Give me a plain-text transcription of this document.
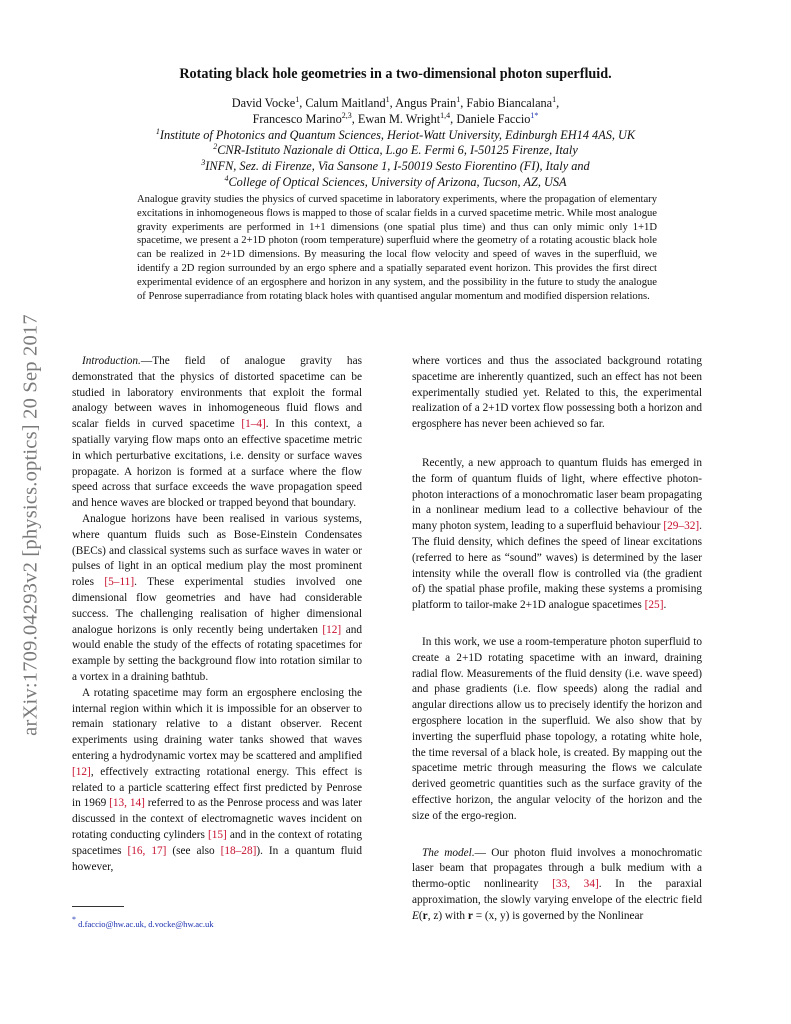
arXiv:1709.04293v2 [physics.optics] 20 Sep 2017
Rotating black hole geometries in a two-dimensional photon superfluid.
David Vocke$^1$, Calum Maitland$^1$, Angus Prain$^1$, Fabio Biancalana$^1$,
Francesco Marino$^{2,3}$, Ewan M. Wright$^{1,4}$, Daniele Faccio$^{1*}$
$^1$Institute of Photonics and Quantum Sciences, Heriot-Watt University, Edinburgh EH14 4AS, UK
$^2$CNR-Istituto Nazionale di Ottica, L.go E. Fermi 6, I-50125 Firenze, Italy
$^3$INFN, Sez. di Firenze, Via Sansone 1, I-50019 Sesto Fiorentino (FI), Italy and
$^4$College of Optical Sciences, University of Arizona, Tucson, AZ, USA
Analogue gravity studies the physics of curved spacetime in laboratory experiments, where the propagation of elementary excitations in inhomogeneous flows is mapped to those of scalar fields in a curved spacetime metric. While most analogue gravity experiments are performed in 1+1 dimensions (one spatial plus time) and thus can only mimic only 1+1D spacetime, we present a 2+1D photon (room temperature) superfluid where the geometry of a rotating acoustic black hole can be realized in 2+1D dimensions. By measuring the local flow velocity and speed of waves in the superfluid, we identify a 2D region surrounded by an ergo sphere and a spatially separated event horizon. This provides the first direct experimental evidence of an ergosphere and horizon in any system, and the possibility in the future to study the analogue of Penrose superradiance from rotating black holes with quantised angular momentum and modified dispersion relations.

Introduction.—The field of analogue gravity has demonstrated that the physics of distorted spacetime can be studied in laboratory environments that exploit the formal analogy between waves in inhomogeneous fluid flows and scalar fields in curved spacetime [1–4]. In this context, a spatially varying flow maps onto an effective spacetime metric in which perturbative excitations, i.e. density or surface waves propagate. A horizon is formed at a surface where the flow speed across that surface exceeds the wave propagation speed and hence waves are blocked or trapped beyond that boundary.

Analogue horizons have been realised in various systems, where quantum fluids such as Bose-Einstein Condensates (BECs) and classical systems such as surface waves in water or pulses of light in an optical medium play the most prominent roles [5–11]. These experimental studies involved one dimensional flow geometries and have had considerable success. The challenging realisation of higher dimensional analogue horizons is only recently being undertaken [12] and would enable the study of the effects of rotating spacetimes for example by setting the background flow into rotation similar to a vortex in a draining bathtub.

A rotating spacetime may form an ergosphere enclosing the internal region within which it is impossible for an observer to remain stationary relative to a distant observer. Recent experiments using draining water tanks showed that waves entering a hydrodynamic vortex may be scattered and amplified [12], effectively extracting rotational energy. This effect is related to a particle scattering effect first predicted by Penrose in 1969 [13, 14] referred to as the Penrose process and was later discussed in the context of electromagnetic waves incident on rotating conducting cylinders [15] and in the context of rotating spacetimes [16, 17] (see also [18–28]). In a quantum fluid however,

where vortices and thus the associated background rotating spacetime are inherently quantized, such an effect has not been experimentally studied yet. Related to this, the experimental realization of a 2+1D vortex flow possessing both a horizon and ergosphere has never been achieved so far.

Recently, a new approach to quantum fluids has emerged in the form of quantum fluids of light, where effective photon-photon interactions of a monochromatic laser beam propagating in a nonlinear medium lead to a collective behaviour of the many photon system, leading to a superfluid behaviour [29–32]. The fluid density, which defines the speed of linear excitations (referred to here as “sound” waves) is determined by the laser intensity while the overall flow is controlled via (the gradient of) the spatial phase profile, making these systems a promising platform to tailor-make 2+1D analogue spacetimes [25].

In this work, we use a room-temperature photon superfluid to create a 2+1D rotating spacetime with an inward, draining radial flow. Measurements of the fluid density (i.e. wave speed) and phase gradients (i.e. flow speeds) along the radial and angular directions allow us to precisely identify the horizon and ergosphere location in the superfluid. We also show that by inverting the superfluid phase topology, a rotating white hole, the time reversal of a black hole, is created. By mapping out the spacetime metric through measuring the flows we calculate derived geometric quantities such as the surface gravity of the effective horizon, the angular velocity of the horizon and the size of the ergo-region.

The model.— Our photon fluid involves a monochromatic laser beam that propagates through a bulk medium with a thermo-optic nonlinearity [33, 34]. In the paraxial approximation, the slowly varying envelope of the electric field E(r, z) with r = (x, y) is governed by the Nonlinear

* d.faccio@hw.ac.uk, d.vocke@hw.ac.uk
